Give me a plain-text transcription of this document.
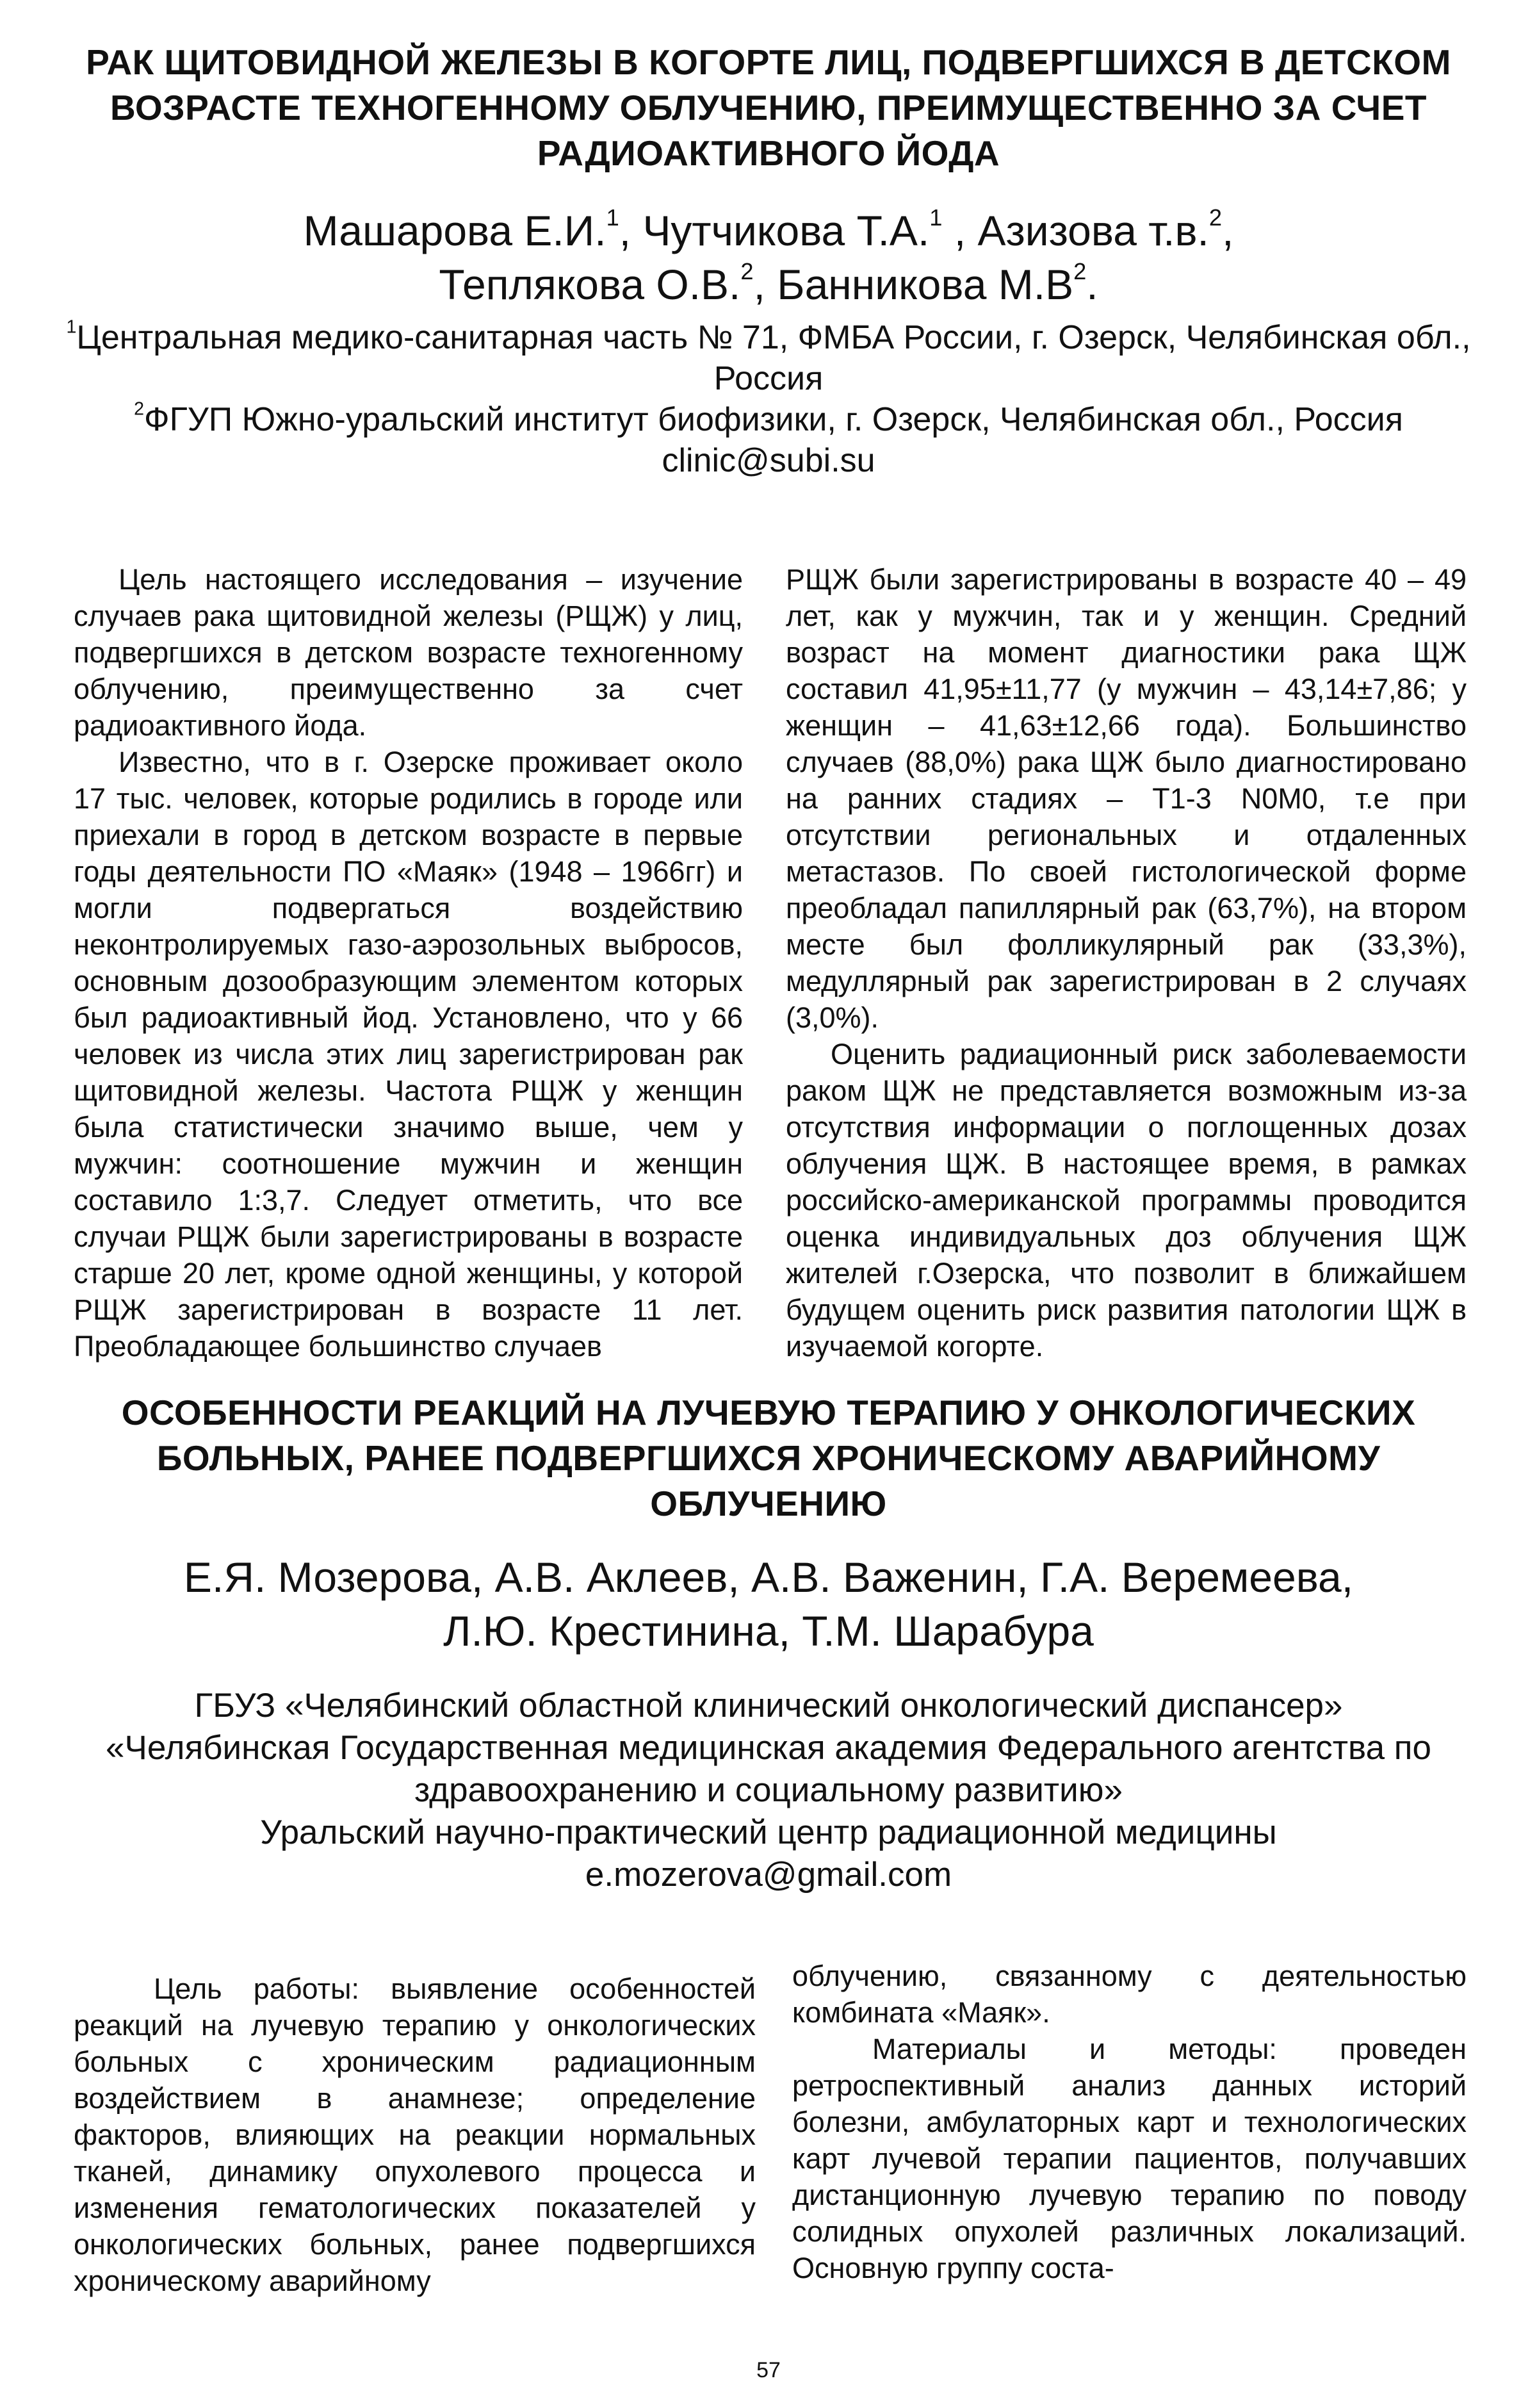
РАК ЩИТОВИДНОЙ ЖЕЛЕЗЫ В КОГОРТЕ ЛИЦ, ПОДВЕРГШИХСЯ В ДЕТСКОМ ВОЗРАСТЕ ТЕХНОГЕННОМУ ОБЛУЧЕНИЮ, ПРЕИМУЩЕСТВЕННО ЗА СЧЕТ РАДИОАКТИВНОГО ЙОДА
Машарова Е.И.$^1$, Чутчикова Т.А.$^1$ , Азизова т.в.$^2$,
Теплякова О.В.$^2$, Банникова $М.В^2$.

$^1$Центральная медико-санитарная часть № 71, ФМБА России, г. Озерск, Челябинская обл., Россия

$^2$ФГУП Южно-уральский институт биофизики, г. Озерск, Челябинская обл., Россия

clinic@subi.su

Цель настоящего исследования – изучение случаев рака щитовидной железы (РЩЖ) у лиц, подвергшихся в детском возрасте техногенному облучению, преимущественно за счет радиоактивного йода.

Известно, что в г. Озерске проживает около 17 тыс. человек, которые родились в городе или приехали в город в детском возрасте в первые годы деятельности ПО «Маяк» (1948 – 1966гг) и могли подвергаться воздействию неконтролируемых газо-аэрозольных выбросов, основным дозообразующим элементом которых был радиоактивный йод. Установлено, что у 66 человек из числа этих лиц зарегистрирован рак щитовидной железы. Частота РЩЖ у женщин была статистически значимо выше, чем у мужчин: соотношение мужчин и женщин составило 1:3,7. Следует отметить, что все случаи РЩЖ были зарегистрированы в возрасте старше 20 лет, кроме одной женщины, у которой РЩЖ зарегистрирован в возрасте 11 лет. Преобладающее большинство случаев

РЩЖ были зарегистрированы в возрасте 40 – 49 лет, как у мужчин, так и у женщин. Средний возраст на момент диагностики рака ЩЖ составил 41,95±11,77 (у мужчин – 43,14±7,86; у женщин – 41,63±12,66 года). Большинство случаев (88,0%) рака ЩЖ было диагностировано на ранних стадиях – Т1-3 N0M0, т.е при отсутствии региональных и отдаленных метастазов. По своей гистологической форме преобладал папиллярный рак (63,7%), на втором месте был фолликулярный рак (33,3%), медуллярный рак зарегистрирован в 2 случаях (3,0%).

Оценить радиационный риск заболеваемости раком ЩЖ не представляется возможным из-за отсутствия информации о поглощенных дозах облучения ЩЖ. В настоящее время, в рамках российско-американской программы проводится оценка индивидуальных доз облучения ЩЖ жителей г.Озерска, что позволит в ближайшем будущем оценить риск развития патологии ЩЖ в изучаемой когорте.

ОСОБЕННОСТИ РЕАКЦИЙ НА ЛУЧЕВУЮ ТЕРАПИЮ У ОНКОЛОГИЧЕСКИХ БОЛЬНЫХ, РАНЕЕ ПОДВЕРГШИХСЯ ХРОНИЧЕСКОМУ АВАРИЙНОМУ ОБЛУЧЕНИЮ
Е.Я. Мозерова, А.В. Аклеев, А.В. Важенин, Г.А. Веремеева,
Л.Ю. Крестинина, Т.М. Шарабура

ГБУЗ «Челябинский областной клинический онкологический диспансер»

«Челябинская Государственная медицинская академия Федерального агентства по здравоохранению и социальному развитию»

Уральский научно-практический центр радиационной медицины

e.mozerova@gmail.com

Цель работы: выявление особенностей реакций на лучевую терапию у онкологических больных с хроническим радиационным воздействием в анамнезе; определение факторов, влияющих на реакции нормальных тканей, динамику опухолевого процесса и изменения гематологических показателей у онкологических больных, ранее подвергшихся хроническому аварийному

облучению, связанному с деятельностью комбината «Маяк».

Материалы и методы: проведен ретроспективный анализ данных историй болезни, амбулаторных карт и технологических карт лучевой терапии пациентов, получавших дистанционную лучевую терапию по поводу солидных опухолей различных локализаций. Основную группу соста-

57
